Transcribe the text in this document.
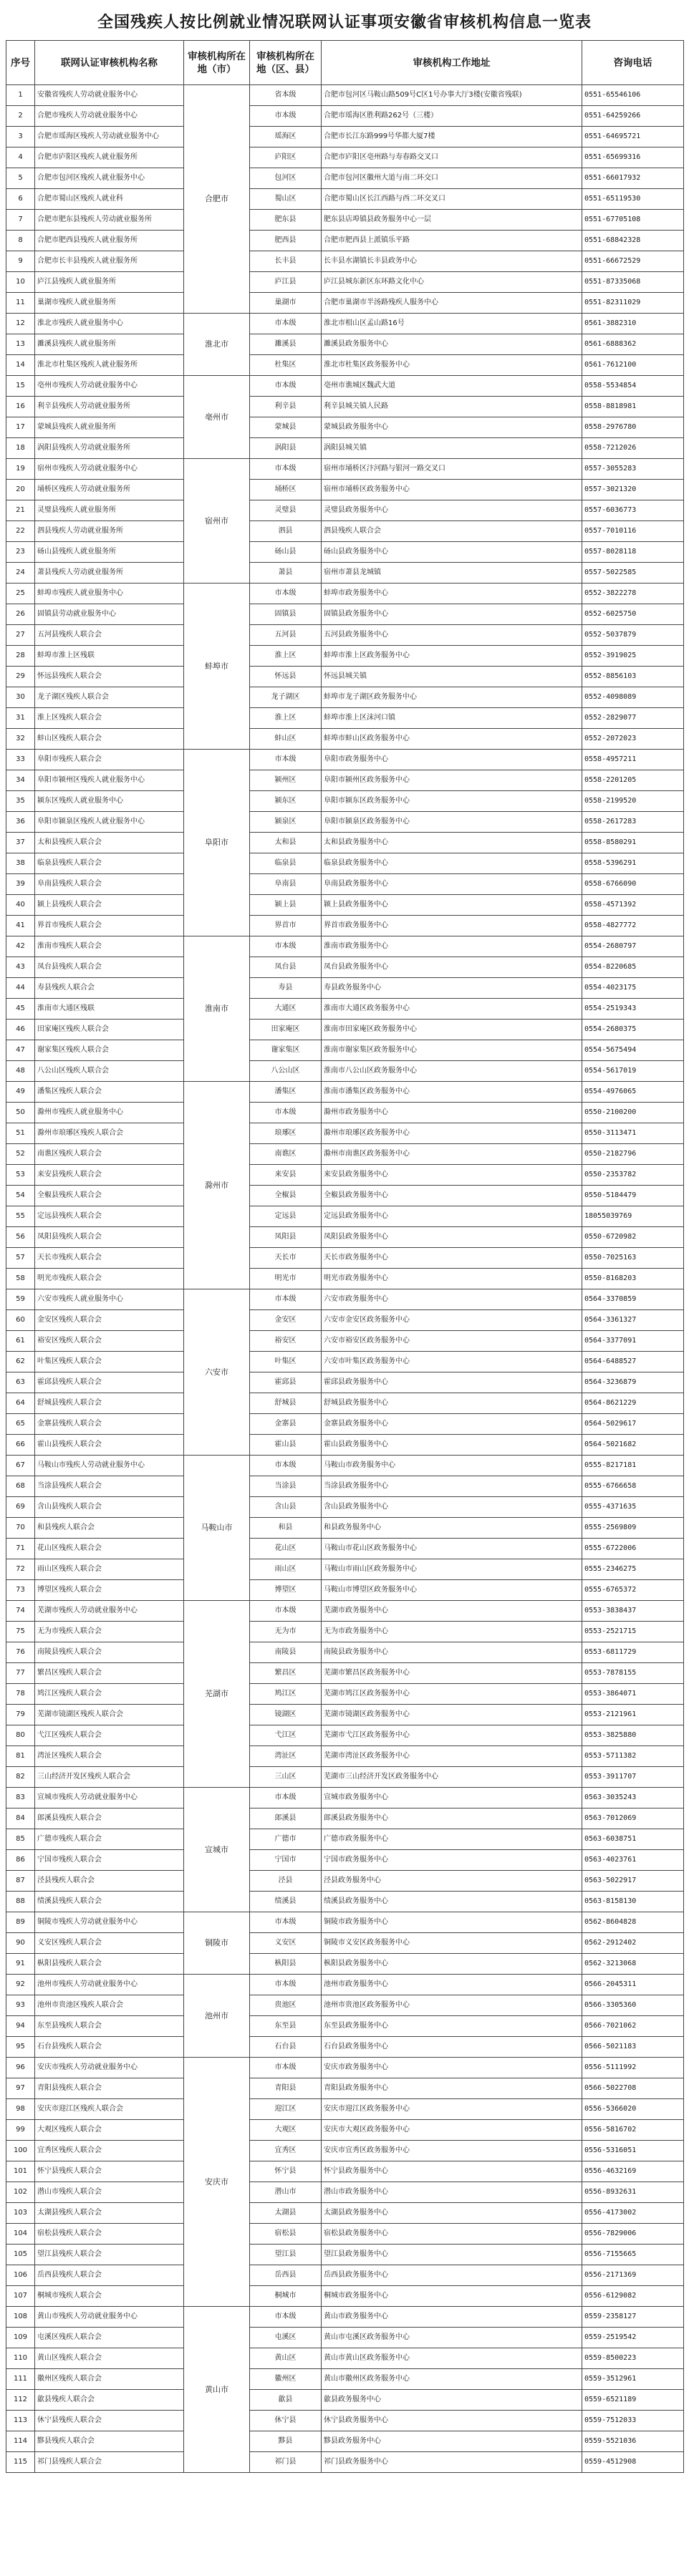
全国残疾人按比例就业情况联网认证事项安徽省审核机构信息一览表
序号	联网认证审核机构名称	审核机构所在地（市）	审核机构所在地（区、县）	审核机构工作地址	咨询电话
1	安徽省残疾人劳动就业服务中心	合肥市	省本级	合肥市包河区马鞍山路509号C区1号办事大厅3楼(安徽省残联)	0551-65546106
2	合肥市残疾人劳动就业服务中心		市本级	合肥市瑶海区胜利路262号（三楼）	0551-64259266
3	合肥市瑶海区残疾人劳动就业服务中心		瑶海区	合肥市长江东路999号华都大厦7楼	0551-64695721
4	合肥市庐阳区残疾人就业服务所		庐阳区	合肥市庐阳区亳州路与寿春路交叉口	0551-65699316
5	合肥市包河区残疾人就业服务中心		包河区	合肥市包河区徽州大道与南二环交口	0551-66017932
6	合肥市蜀山区残疾人就业科		蜀山区	合肥市蜀山区长江西路与西二环交叉口	0551-65119530
7	合肥市肥东县残疾人劳动就业服务所		肥东县	肥东县店埠镇县政务服务中心一层	0551-67705108
8	合肥市肥西县残疾人就业服务所		肥西县	合肥市肥西县上派镇乐平路	0551-68842328
9	合肥市长丰县残疾人就业服务所		长丰县	长丰县水湖镇长丰县政务中心	0551-66672529
10	庐江县残疾人就业服务所		庐江县	庐江县城东新区东环路文化中心	0551-87335068
11	巢湖市残疾人就业服务所		巢湖市	合肥市巢湖市半汤路残疾人服务中心	0551-82311029
12	淮北市残疾人就业服务中心	淮北市	市本级	淮北市相山区孟山路16号	0561-3882310
13	濉溪县残疾人就业服务所		濉溪县	濉溪县政务服务中心	0561-6888362
14	淮北市杜集区残疾人就业服务所		杜集区	淮北市杜集区政务服务中心	0561-7612100
15	亳州市残疾人劳动就业服务中心	亳州市	市本级	亳州市谯城区魏武大道	0558-5534854
16	利辛县残疾人劳动就业服务所		利辛县	利辛县城关镇人民路	0558-8818981
17	蒙城县残疾人就业服务所		蒙城县	蒙城县政务服务中心	0558-2976780
18	涡阳县残疾人劳动就业服务所		涡阳县	涡阳县城关镇	0558-7212026
19	宿州市残疾人劳动就业服务中心	宿州市	市本级	宿州市埇桥区汴河路与银河一路交叉口	0557-3055283
20	埇桥区残疾人劳动就业服务所		埇桥区	宿州市埇桥区政务服务中心	0557-3021320
21	灵璧县残疾人就业服务所		灵璧县	灵璧县政务服务中心	0557-6036773
22	泗县残疾人劳动就业服务所		泗县	泗县残疾人联合会	0557-7010116
23	砀山县残疾人就业服务所		砀山县	砀山县政务服务中心	0557-8028118
24	萧县残疾人劳动就业服务所		萧县	宿州市萧县龙城镇	0557-5022585
25	蚌埠市残疾人就业服务中心	蚌埠市	市本级	蚌埠市政务服务中心	0552-3822278
26	固镇县劳动就业服务中心		固镇县	固镇县政务服务中心	0552-6025750
27	五河县残疾人联合会		五河县	五河县政务服务中心	0552-5037879
28	蚌埠市淮上区残联		淮上区	蚌埠市淮上区政务服务中心	0552-3919025
29	怀远县残疾人联合会		怀远县	怀远县城关镇	0552-8856103
30	龙子湖区残疾人联合会		龙子湖区	蚌埠市龙子湖区政务服务中心	0552-4098089
31	淮上区残疾人联合会		淮上区	蚌埠市淮上区沫河口镇	0552-2829077
32	蚌山区残疾人联合会		蚌山区	蚌埠市蚌山区政务服务中心	0552-2072023
33	阜阳市残疾人联合会	阜阳市	市本级	阜阳市政务服务中心	0558-4957211
34	阜阳市颍州区残疾人就业服务中心		颍州区	阜阳市颍州区政务服务中心	0558-2201205
35	颍东区残疾人就业服务中心		颍东区	阜阳市颍东区政务服务中心	0558-2199520
36	阜阳市颍泉区残疾人就业服务中心		颍泉区	阜阳市颍泉区政务服务中心	0558-2617283
37	太和县残疾人联合会		太和县	太和县政务服务中心	0558-8580291
38	临泉县残疾人联合会		临泉县	临泉县政务服务中心	0558-5396291
39	阜南县残疾人联合会		阜南县	阜南县政务服务中心	0558-6766090
40	颍上县残疾人联合会		颍上县	颍上县政务服务中心	0558-4571392
41	界首市残疾人联合会		界首市	界首市政务服务中心	0558-4827772
42	淮南市残疾人联合会	淮南市	市本级	淮南市政务服务中心	0554-2680797
43	凤台县残疾人联合会		凤台县	凤台县政务服务中心	0554-8220685
44	寿县残疾人联合会		寿县	寿县政务服务中心	0554-4023175
45	淮南市大通区残联		大通区	淮南市大通区政务服务中心	0554-2519343
46	田家庵区残疾人联合会		田家庵区	淮南市田家庵区政务服务中心	0554-2680375
47	谢家集区残疾人联合会		谢家集区	淮南市谢家集区政务服务中心	0554-5675494
48	八公山区残疾人联合会		八公山区	淮南市八公山区政务服务中心	0554-5617019
49	潘集区残疾人联合会	滁州市	潘集区	淮南市潘集区政务服务中心	0554-4976065
50	滁州市残疾人就业服务中心		市本级	滁州市政务服务中心	0550-2100200
51	滁州市琅琊区残疾人联合会		琅琊区	滁州市琅琊区政务服务中心	0550-3113471
52	南谯区残疾人联合会		南谯区	滁州市南谯区政务服务中心	0550-2182796
53	来安县残疾人联合会		来安县	来安县政务服务中心	0550-2353782
54	全椒县残疾人联合会		全椒县	全椒县政务服务中心	0550-5184479
55	定远县残疾人联合会		定远县	定远县政务服务中心	18055039769
56	凤阳县残疾人联合会		凤阳县	凤阳县政务服务中心	0550-6720982
57	天长市残疾人联合会		天长市	天长市政务服务中心	0550-7025163
58	明光市残疾人联合会		明光市	明光市政务服务中心	0550-8168203
59	六安市残疾人就业服务中心	六安市	市本级	六安市政务服务中心	0564-3370859
60	金安区残疾人联合会		金安区	六安市金安区政务服务中心	0564-3361327
61	裕安区残疾人联合会		裕安区	六安市裕安区政务服务中心	0564-3377091
62	叶集区残疾人联合会		叶集区	六安市叶集区政务服务中心	0564-6488527
63	霍邱县残疾人联合会		霍邱县	霍邱县政务服务中心	0564-3236879
64	舒城县残疾人联合会		舒城县	舒城县政务服务中心	0564-8621229
65	金寨县残疾人联合会		金寨县	金寨县政务服务中心	0564-5029617
66	霍山县残疾人联合会		霍山县	霍山县政务服务中心	0564-5021682
67	马鞍山市残疾人劳动就业服务中心	马鞍山市	市本级	马鞍山市政务服务中心	0555-8217181
68	当涂县残疾人联合会		当涂县	当涂县政务服务中心	0555-6766658
69	含山县残疾人联合会		含山县	含山县政务服务中心	0555-4371635
70	和县残疾人联合会		和县	和县政务服务中心	0555-2569809
71	花山区残疾人联合会		花山区	马鞍山市花山区政务服务中心	0555-6722006
72	雨山区残疾人联合会		雨山区	马鞍山市雨山区政务服务中心	0555-2346275
73	博望区残疾人联合会		博望区	马鞍山市博望区政务服务中心	0555-6765372
74	芜湖市残疾人劳动就业服务中心	芜湖市	市本级	芜湖市政务服务中心	0553-3838437
75	无为市残疾人联合会		无为市	无为市政务服务中心	0553-2521715
76	南陵县残疾人联合会		南陵县	南陵县政务服务中心	0553-6811729
77	繁昌区残疾人联合会		繁昌区	芜湖市繁昌区政务服务中心	0553-7878155
78	鸠江区残疾人联合会		鸠江区	芜湖市鸠江区政务服务中心	0553-3864071
79	芜湖市镜湖区残疾人联合会		镜湖区	芜湖市镜湖区政务服务中心	0553-2121961
80	弋江区残疾人联合会		弋江区	芜湖市弋江区政务服务中心	0553-3825880
81	湾沚区残疾人联合会		湾沚区	芜湖市湾沚区政务服务中心	0553-5711382
82	三山经济开发区残疾人联合会		三山区	芜湖市三山经济开发区政务服务中心	0553-3911707
83	宣城市残疾人劳动就业服务中心	宣城市	市本级	宣城市政务服务中心	0563-3035243
84	郎溪县残疾人联合会		郎溪县	郎溪县政务服务中心	0563-7012069
85	广德市残疾人联合会		广德市	广德市政务服务中心	0563-6038751
86	宁国市残疾人联合会		宁国市	宁国市政务服务中心	0563-4023761
87	泾县残疾人联合会		泾县	泾县政务服务中心	0563-5022917
88	绩溪县残疾人联合会		绩溪县	绩溪县政务服务中心	0563-8158130
89	铜陵市残疾人劳动就业服务中心	铜陵市	市本级	铜陵市政务服务中心	0562-8604828
90	义安区残疾人联合会		义安区	铜陵市义安区政务服务中心	0562-2912402
91	枞阳县残疾人联合会		枞阳县	枞阳县政务服务中心	0562-3213068
92	池州市残疾人劳动就业服务中心	池州市	市本级	池州市政务服务中心	0566-2045311
93	池州市贵池区残疾人联合会		贵池区	池州市贵池区政务服务中心	0566-3305360
94	东至县残疾人联合会		东至县	东至县政务服务中心	0566-7021062
95	石台县残疾人联合会		石台县	石台县政务服务中心	0566-5021183
96	安庆市残疾人劳动就业服务中心	安庆市	市本级	安庆市政务服务中心	0556-5111992
97	青阳县残疾人联合会		青阳县	青阳县政务服务中心	0566-5022708
98	安庆市迎江区残疾人联合会		迎江区	安庆市迎江区政务服务中心	0556-5366020
99	大观区残疾人联合会		大观区	安庆市大观区政务服务中心	0556-5816702
100	宜秀区残疾人联合会		宜秀区	安庆市宜秀区政务服务中心	0556-5316051
101	怀宁县残疾人联合会		怀宁县	怀宁县政务服务中心	0556-4632169
102	潜山市残疾人联合会		潜山市	潜山市政务服务中心	0556-8932631
103	太湖县残疾人联合会		太湖县	太湖县政务服务中心	0556-4173002
104	宿松县残疾人联合会		宿松县	宿松县政务服务中心	0556-7829006
105	望江县残疾人联合会		望江县	望江县政务服务中心	0556-7155665
106	岳西县残疾人联合会		岳西县	岳西县政务服务中心	0556-2171369
107	桐城市残疾人联合会		桐城市	桐城市政务服务中心	0556-6129082
108	黄山市残疾人劳动就业服务中心	黄山市	市本级	黄山市政务服务中心	0559-2358127
109	屯溪区残疾人联合会		屯溪区	黄山市屯溪区政务服务中心	0559-2519542
110	黄山区残疾人联合会		黄山区	黄山市黄山区政务服务中心	0559-8500223
111	徽州区残疾人联合会		徽州区	黄山市徽州区政务服务中心	0559-3512961
112	歙县残疾人联合会		歙县	歙县政务服务中心	0559-6521189
113	休宁县残疾人联合会		休宁县	休宁县政务服务中心	0559-7512033
114	黟县残疾人联合会		黟县	黟县政务服务中心	0559-5521036
115	祁门县残疾人联合会		祁门县	祁门县政务服务中心	0559-4512908
